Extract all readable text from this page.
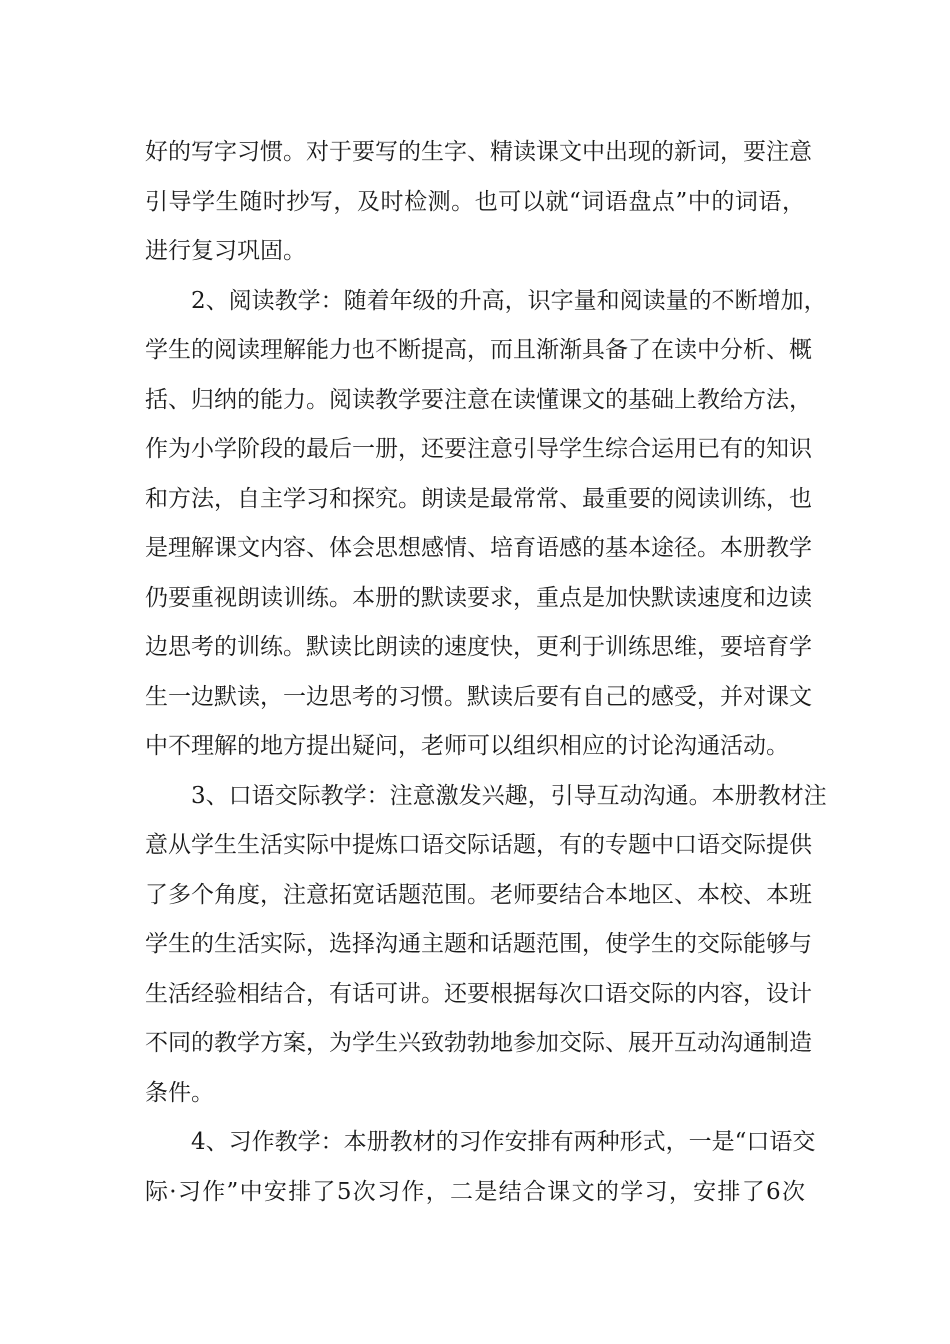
好的写字习惯。对于要写的生字、精读课文中出现的新词，要注意
引导学生随时抄写，及时检测。也可以就“词语盘点”中的词语，
进行复习巩固。
2、阅读教学：随着年级的升高，识字量和阅读量的不断增加，
学生的阅读理解能力也不断提高，而且渐渐具备了在读中分析、概
括、归纳的能力。阅读教学要注意在读懂课文的基础上教给方法，
作为小学阶段的最后一册，还要注意引导学生综合运用已有的知识
和方法，自主学习和探究。朗读是最常常、最重要的阅读训练，也
是理解课文内容、体会思想感情、培育语感的基本途径。本册教学
仍要重视朗读训练。本册的默读要求，重点是加快默读速度和边读
边思考的训练。默读比朗读的速度快，更利于训练思维，要培育学
生一边默读，一边思考的习惯。默读后要有自己的感受，并对课文
中不理解的地方提出疑问，老师可以组织相应的讨论沟通活动。
3、口语交际教学：注意激发兴趣，引导互动沟通。本册教材注
意从学生生活实际中提炼口语交际话题，有的专题中口语交际提供
了多个角度，注意拓宽话题范围。老师要结合本地区、本校、本班
学生的生活实际，选择沟通主题和话题范围，使学生的交际能够与
生活经验相结合，有话可讲。还要根据每次口语交际的内容，设计
不同的教学方案，为学生兴致勃勃地参加交际、展开互动沟通制造
条件。
4、习作教学：本册教材的习作安排有两种形式，一是“口语交
际·习作”中安排了5次习作，二是结合课文的学习，安排了6次
